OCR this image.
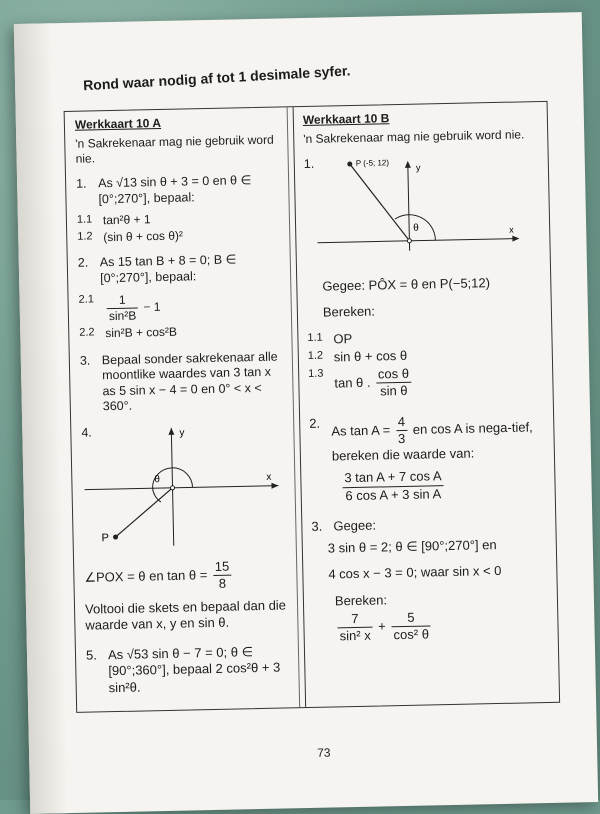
Rond waar nodig af tot 1 desimale syfer.
Werkkaart 10 A
'n Sakrekenaar mag nie gebruik word nie.
1. As √13 sin θ + 3 = 0 en θ ∈ [0°;270°], bepaal:
1.1 tan²θ + 1
1.2 (sin θ + cos θ)²
2. As 15 tan B + 8 = 0; B ∈ [0°;270°], bepaal:
$2.1 \frac{1}{\text{sin²B}} - 1$
2.2 sin²B + cos²B
3. Bepaal sonder sakrekenaar alle moontlike waardes van 3 tan x as 5 sin x − 4 = 0 en 0° < x < 360°.
4.	y
x
θ
P
∠POX = θ en $\tan \theta = \frac{15}{8}$
Voltooi die skets en bepaal dan die waarde van x, y en sin θ.
5. As √53 sin θ − 7 = 0; θ ∈ [90°;360°], bepaal 2 cos²θ + 3 sin²θ.
Werkkaart 10 B
'n Sakrekenaar mag nie gebruik word nie.
1.	P (-5; 12)	y
x
θ
Gegee: PÔX = θ en P(−5;12)
Bereken:
1.1 OP
1.2 sin θ + cos θ
1.3
tan θ . $\frac{\text{cos θ}}{\text{sin θ}}$
2. As $\tan A = \frac{4}{3}$ en cos A is nega-tief, bereken die waarde van:
$\frac{\text{3 tan A + 7 cos A}}{\text{6 cos A + 3 sin A}}$
3. Gegee:
3 sin θ = 2; θ ∈ [90°;270°] en
4 cos x − 3 = 0; waar sin x < 0
Bereken:
$\frac{7}{\text{sin² x}} + \frac{5}{\text{cos² θ}}$
73
